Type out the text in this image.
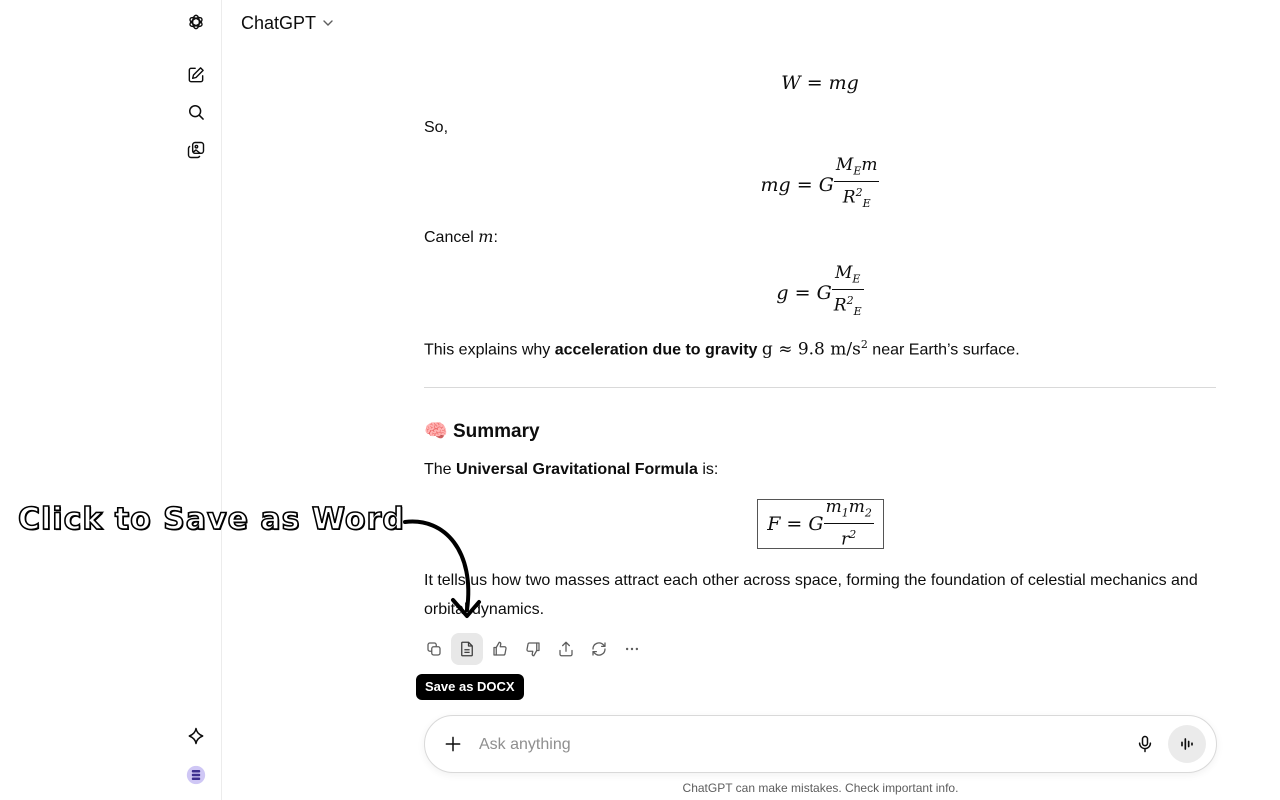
ChatGPT
W = mg

So,

mg = G $\frac{M_Em}{R^2_E}$

Cancel m:

g = G $\frac{M_E}{R^2_E}$

This explains why acceleration due to gravity g ≈ 9.8 $m/s^2$ near Earth’s surface.

🧠 Summary

The Universal Gravitational Formula is:

F = G $\frac{m_1m_2}{r^2}$

It tells us how two masses attract each other across space, forming the foundation of celestial mechanics and orbital dynamics.

Save as DOCX
Click to Save as Word
Ask anything
ChatGPT can make mistakes. Check important info.
